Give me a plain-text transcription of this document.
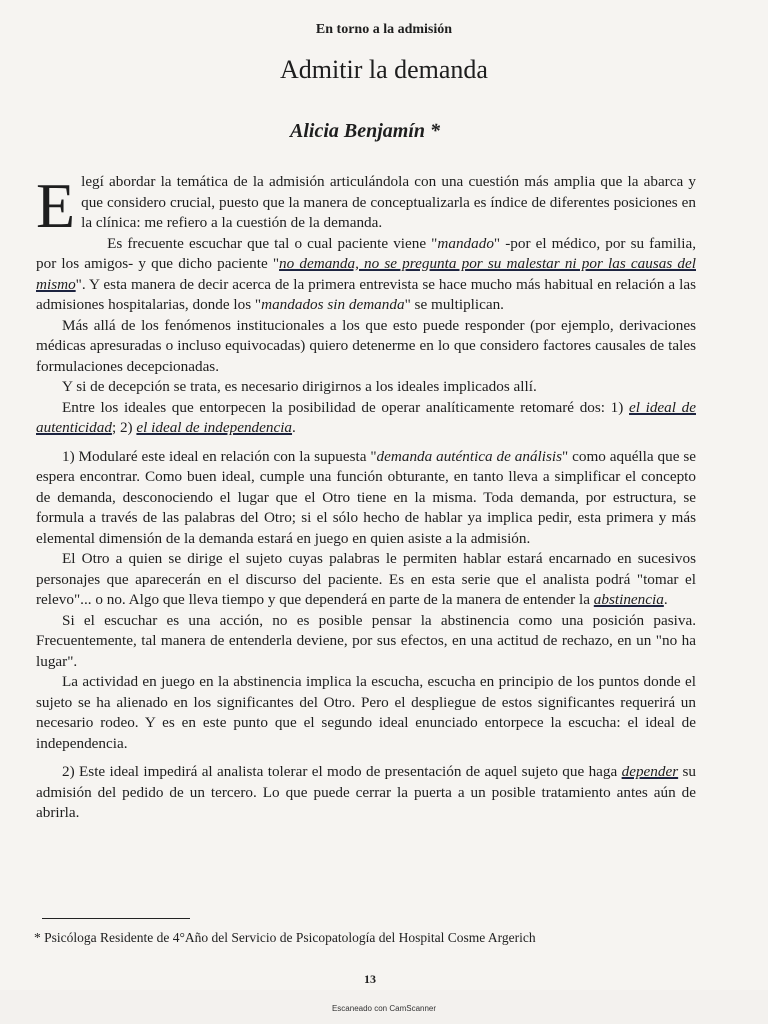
En torno a la admisión
Admitir la demanda
Alicia Benjamín *

Elegí abordar la temática de la admisión articulándola con una cuestión más amplia que la abarca y que considero crucial, puesto que la manera de conceptualizarla es índice de diferentes posiciones en la clínica: me refiero a la cuestión de la demanda.

Es frecuente escuchar que tal o cual paciente viene "mandado" -por el médico, por su familia, por los amigos- y que dicho paciente "no demanda, no se pregunta por su malestar ni por las causas del mismo". Y esta manera de decir acerca de la primera entrevista se hace mucho más habitual en relación a las admisiones hospitalarias, donde los "mandados sin demanda" se multiplican.

Más allá de los fenómenos institucionales a los que esto puede responder (por ejemplo, derivaciones médicas apresuradas o incluso equivocadas) quiero detenerme en lo que considero factores causales de tales formulaciones decepcionadas.

Y si de decepción se trata, es necesario dirigirnos a los ideales implicados allí.

Entre los ideales que entorpecen la posibilidad de operar analíticamente retomaré dos: 1) el ideal de autenticidad; 2) el ideal de independencia.

1) Modularé este ideal en relación con la supuesta "demanda auténtica de análisis" como aquélla que se espera encontrar. Como buen ideal, cumple una función obturante, en tanto lleva a simplificar el concepto de demanda, desconociendo el lugar que el Otro tiene en la misma. Toda demanda, por estructura, se formula a través de las palabras del Otro; si el sólo hecho de hablar ya implica pedir, esta primera y más elemental dimensión de la demanda estará en juego en quien asiste a la admisión.

El Otro a quien se dirige el sujeto cuyas palabras le permiten hablar estará encarnado en sucesivos personajes que aparecerán en el discurso del paciente. Es en esta serie que el analista podrá "tomar el relevo"... o no. Algo que lleva tiempo y que dependerá en parte de la manera de entender la abstinencia.

Si el escuchar es una acción, no es posible pensar la abstinencia como una posición pasiva. Frecuentemente, tal manera de entenderla deviene, por sus efectos, en una actitud de rechazo, en un "no ha lugar".

La actividad en juego en la abstinencia implica la escucha, escucha en principio de los puntos donde el sujeto se ha alienado en los significantes del Otro. Pero el despliegue de estos significantes requerirá un necesario rodeo. Y es en este punto que el segundo ideal enunciado entorpece la escucha: el ideal de independencia.

2) Este ideal impedirá al analista tolerar el modo de presentación de aquel sujeto que haga depender su admisión del pedido de un tercero. Lo que puede cerrar la puerta a un posible tratamiento antes aún de abrirla.

* Psicóloga Residente de 4°Año del Servicio de Psicopatología del Hospital Cosme Argerich
13
Escaneado con CamScanner
